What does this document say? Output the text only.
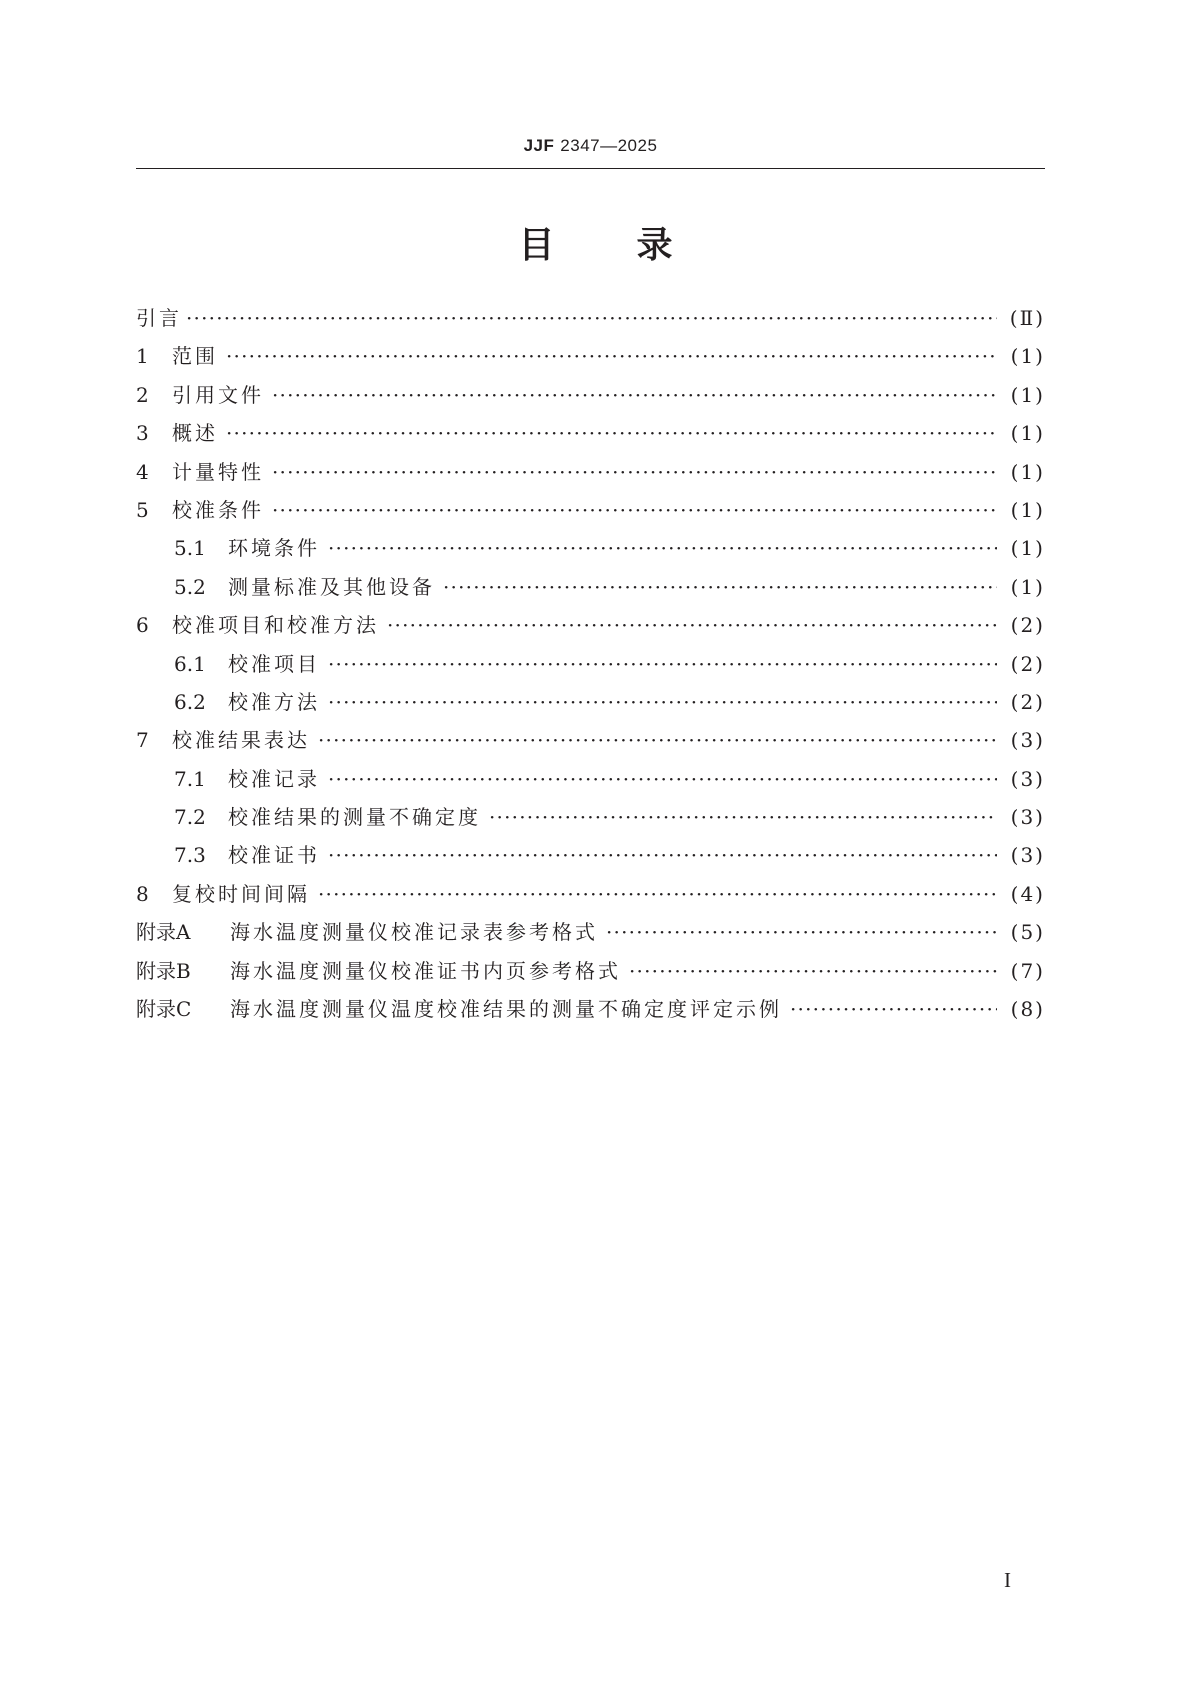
JJF 2347—2025
目录
引言 ·····	(Ⅱ)
1	范围 ·····	(1)
2	引用文件 ·····	(1)
3	概述 ·····	(1)
4	计量特性 ·····	(1)
5	校准条件 ·····	(1)
5.1	环境条件 ·····	(1)
5.2	测量标准及其他设备 ·····	(1)
6	校准项目和校准方法 ·····	(2)
6.1	校准项目 ·····	(2)
6.2	校准方法 ·····	(2)
7	校准结果表达 ·····	(3)
7.1	校准记录 ·····	(3)
7.2	校准结果的测量不确定度 ·····	(3)
7.3	校准证书 ·····	(3)
8	复校时间间隔 ·····	(4)
附录A	海水温度测量仪校准记录表参考格式 ·····	(5)
附录B	海水温度测量仪校准证书内页参考格式 ·····	(7)
附录C	海水温度测量仪温度校准结果的测量不确定度评定示例 ·····	(8)
I
